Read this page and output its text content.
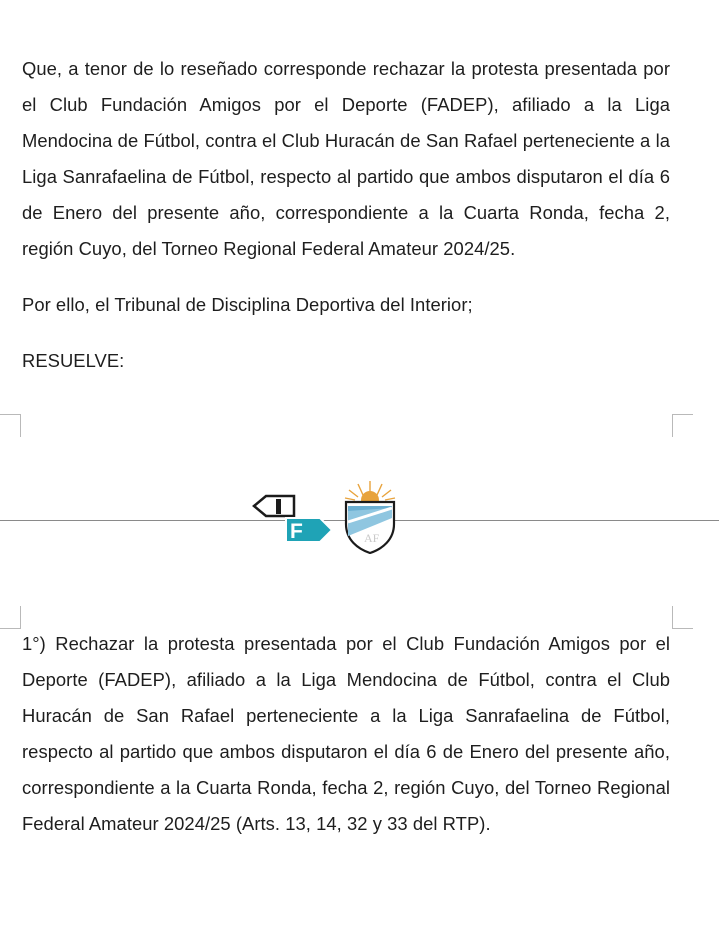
Que, a tenor de lo reseñado corresponde rechazar la protesta presentada por el Club Fundación Amigos por el Deporte (FADEP), afiliado a la Liga Mendocina de Fútbol, contra el Club Huracán de San Rafael perteneciente a la Liga Sanrafaelina de Fútbol, respecto al partido que ambos disputaron el día 6 de Enero del presente año, correspondiente a la Cuarta Ronda, fecha 2, región Cuyo, del Torneo Regional Federal Amateur 2024/25.

Por ello, el Tribunal de Disciplina Deportiva del Interior;

RESUELVE:

F	AF

1°) Rechazar la protesta presentada por el Club Fundación Amigos por el Deporte (FADEP), afiliado a la Liga Mendocina de Fútbol, contra el Club Huracán de San Rafael perteneciente a la Liga Sanrafaelina de Fútbol, respecto al partido que ambos disputaron el día 6 de Enero del presente año, correspondiente a la Cuarta Ronda, fecha 2, región Cuyo, del Torneo Regional Federal Amateur 2024/25 (Arts. 13, 14, 32 y 33 del RTP).
